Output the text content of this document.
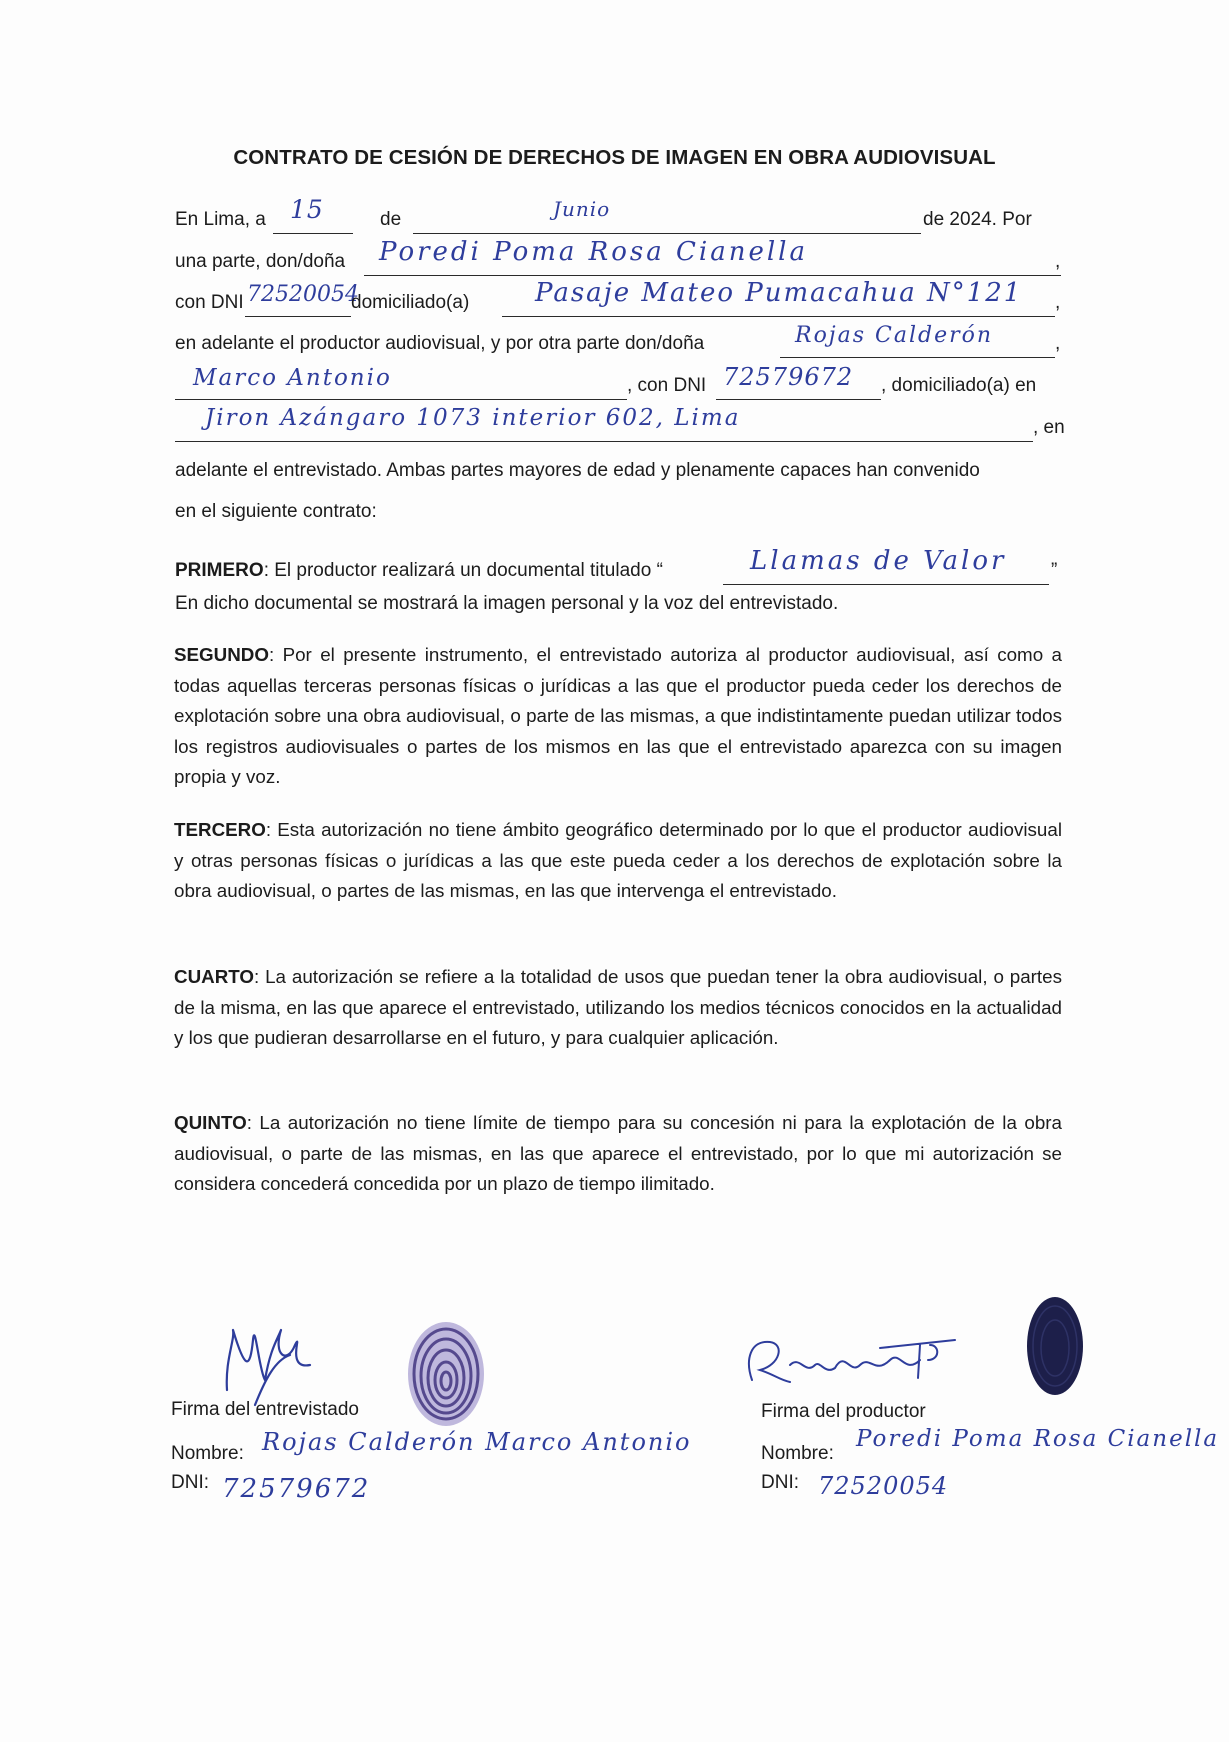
CONTRATO DE CESIÓN DE DERECHOS DE IMAGEN EN OBRA AUDIOVISUAL
En Lima, a 15	de	Junio	de 2024. Por
una parte, don/doña Poredi Poma Rosa Cianella	,
con DNI 72520054
domiciliado(a)	Pasaje Mateo Pumacahua N°121 ,
en adelante el productor audiovisual, y por otra parte don/doña	Rojas Calderón	,
Marco Antonio	, con DNI 72579672 , domiciliado(a) en
Jiron Azángaro 1073 interior 602, Lima	, en
adelante el entrevistado. Ambas partes mayores de edad y plenamente capaces han convenido
en el siguiente contrato:
PRIMERO: El productor realizará un documental titulado “	Llamas de Valor ”
En dicho documental se mostrará la imagen personal y la voz del entrevistado.
SEGUNDO: Por el presente instrumento, el entrevistado autoriza al productor audiovisual, así como a todas aquellas terceras personas físicas o jurídicas a las que el productor pueda ceder los derechos de explotación sobre una obra audiovisual, o parte de las mismas, a que indistintamente puedan utilizar todos los registros audiovisuales o partes de los mismos en las que el entrevistado aparezca con su imagen propia y voz.
TERCERO: Esta autorización no tiene ámbito geográfico determinado por lo que el productor audiovisual y otras personas físicas o jurídicas a las que este pueda ceder a los derechos de explotación sobre la obra audiovisual, o partes de las mismas, en las que intervenga el entrevistado.
CUARTO: La autorización se refiere a la totalidad de usos que puedan tener la obra audiovisual, o partes de la misma, en las que aparece el entrevistado, utilizando los medios técnicos conocidos en la actualidad y los que pudieran desarrollarse en el futuro, y para cualquier aplicación.
QUINTO: La autorización no tiene límite de tiempo para su concesión ni para la explotación de la obra audiovisual, o parte de las mismas, en las que aparece el entrevistado, por lo que mi autorización se considera concederá concedida por un plazo de tiempo ilimitado.
Firma del entrevistado
Nombre: Rojas Calderón Marco Antonio
DNI: 72579672
Firma del productor
Nombre:
Poredi Poma Rosa Cianella
DNI: 72520054
